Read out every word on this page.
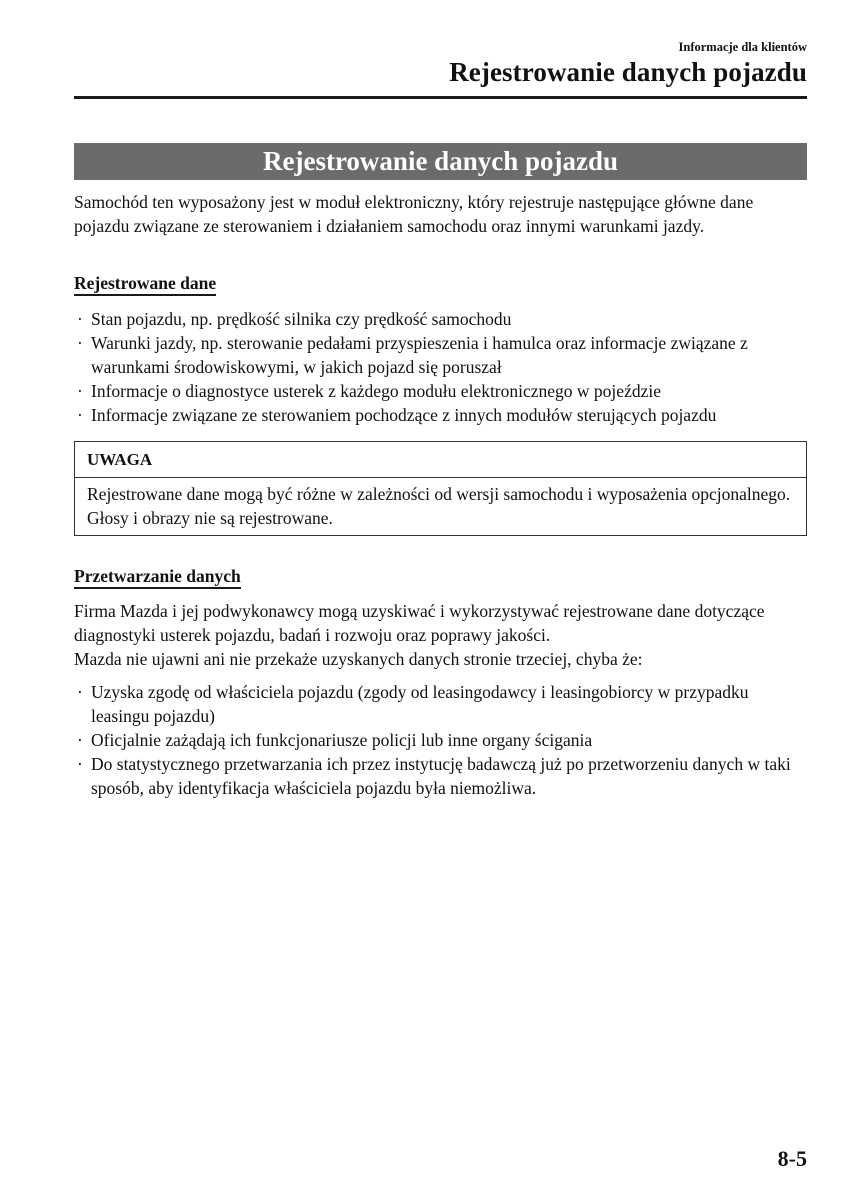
Informacje dla klientów
Rejestrowanie danych pojazdu
Rejestrowanie danych pojazdu
Samochód ten wyposażony jest w moduł elektroniczny, który rejestruje następujące główne dane pojazdu związane ze sterowaniem i działaniem samochodu oraz innymi warunkami jazdy.
Rejestrowane dane
· Stan pojazdu, np. prędkość silnika czy prędkość samochodu
· Warunki jazdy, np. sterowanie pedałami przyspieszenia i hamulca oraz informacje związane z warunkami środowiskowymi, w jakich pojazd się poruszał
· Informacje o diagnostyce usterek z każdego modułu elektronicznego w pojeździe
· Informacje związane ze sterowaniem pochodzące z innych modułów sterujących pojazdu
UWAGA
Rejestrowane dane mogą być różne w zależności od wersji samochodu i wyposażenia opcjonalnego. Głosy i obrazy nie są rejestrowane.
Przetwarzanie danych
Firma Mazda i jej podwykonawcy mogą uzyskiwać i wykorzystywać rejestrowane dane dotyczące diagnostyki usterek pojazdu, badań i rozwoju oraz poprawy jakości.
Mazda nie ujawni ani nie przekaże uzyskanych danych stronie trzeciej, chyba że:
· Uzyska zgodę od właściciela pojazdu (zgody od leasingodawcy i leasingobiorcy w przypadku leasingu pojazdu)
· Oficjalnie zażądają ich funkcjonariusze policji lub inne organy ścigania
· Do statystycznego przetwarzania ich przez instytucję badawczą już po przetworzeniu danych w taki sposób, aby identyfikacja właściciela pojazdu była niemożliwa.
8-5
